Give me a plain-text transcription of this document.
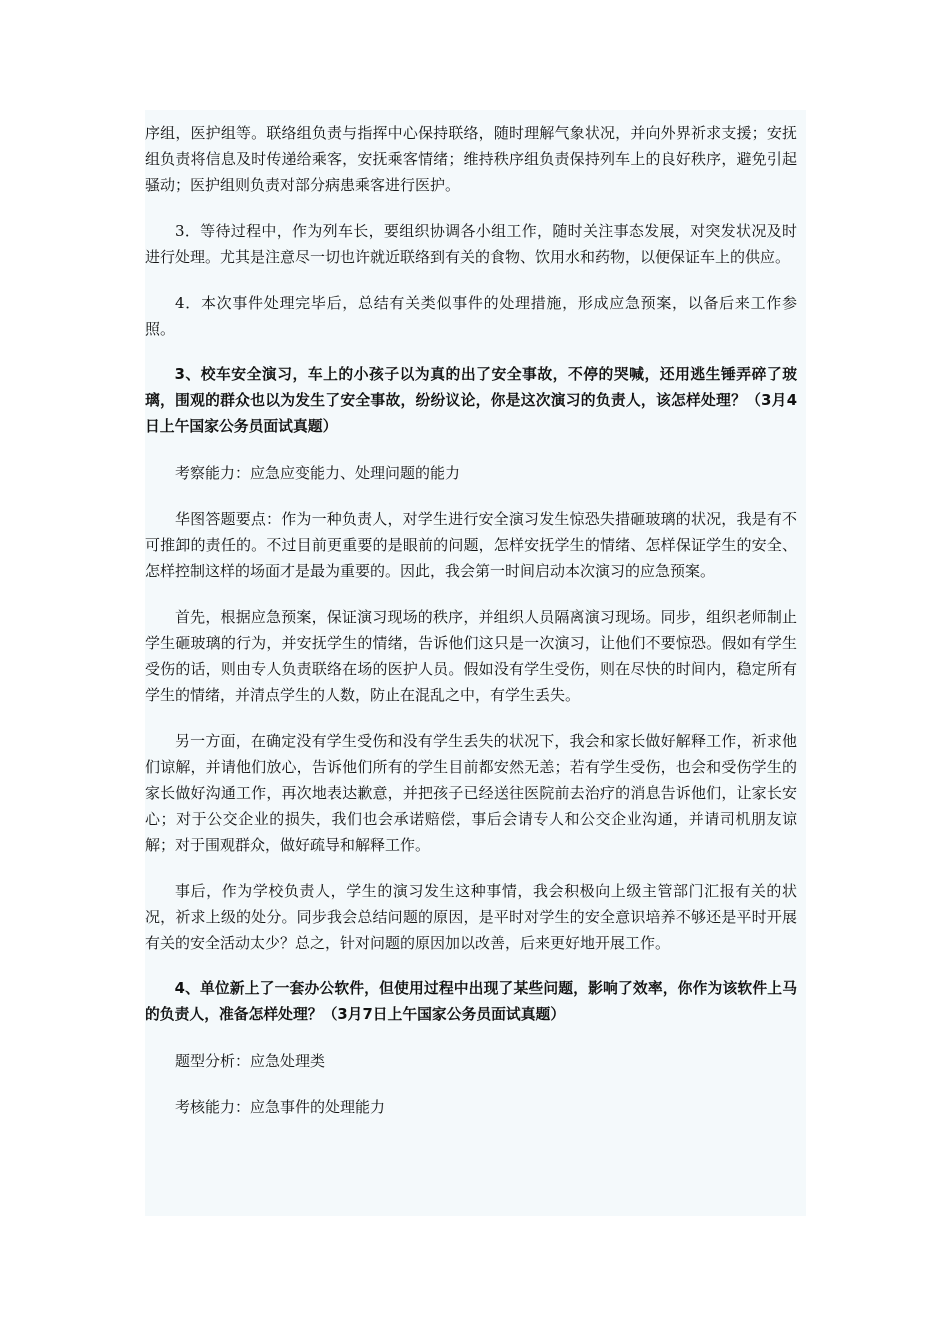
序组，医护组等。联络组负责与指挥中心保持联络，随时理解气象状况，并向外界祈求支援；安抚组负责将信息及时传递给乘客，安抚乘客情绪；维持秩序组负责保持列车上的良好秩序，避免引起骚动；医护组则负责对部分病患乘客进行医护。

3．等待过程中，作为列车长，要组织协调各小组工作，随时关注事态发展，对突发状况及时进行处理。尤其是注意尽一切也许就近联络到有关的食物、饮用水和药物，以便保证车上的供应。

4．本次事件处理完毕后，总结有关类似事件的处理措施，形成应急预案，以备后来工作参照。

3、校车安全演习，车上的小孩子以为真的出了安全事故，不停的哭喊，还用逃生锤弄碎了玻璃，围观的群众也以为发生了安全事故，纷纷议论，你是这次演习的负责人，该怎样处理？（3月4日上午国家公务员面试真题）

考察能力：应急应变能力、处理问题的能力

华图答题要点：作为一种负责人，对学生进行安全演习发生惊恐失措砸玻璃的状况，我是有不可推卸的责任的。不过目前更重要的是眼前的问题，怎样安抚学生的情绪、怎样保证学生的安全、怎样控制这样的场面才是最为重要的。因此，我会第一时间启动本次演习的应急预案。

首先，根据应急预案，保证演习现场的秩序，并组织人员隔离演习现场。同步，组织老师制止学生砸玻璃的行为，并安抚学生的情绪，告诉他们这只是一次演习，让他们不要惊恐。假如有学生受伤的话，则由专人负责联络在场的医护人员。假如没有学生受伤，则在尽快的时间内，稳定所有学生的情绪，并清点学生的人数，防止在混乱之中，有学生丢失。

另一方面，在确定没有学生受伤和没有学生丢失的状况下，我会和家长做好解释工作，祈求他们谅解，并请他们放心，告诉他们所有的学生目前都安然无恙；若有学生受伤，也会和受伤学生的家长做好沟通工作，再次地表达歉意，并把孩子已经送往医院前去治疗的消息告诉他们，让家长安心；对于公交企业的损失，我们也会承诺赔偿，事后会请专人和公交企业沟通，并请司机朋友谅解；对于围观群众，做好疏导和解释工作。

事后，作为学校负责人，学生的演习发生这种事情，我会积极向上级主管部门汇报有关的状况，祈求上级的处分。同步我会总结问题的原因，是平时对学生的安全意识培养不够还是平时开展有关的安全活动太少？总之，针对问题的原因加以改善，后来更好地开展工作。

4、单位新上了一套办公软件，但使用过程中出现了某些问题，影响了效率，你作为该软件上马的负责人，准备怎样处理？（3月7日上午国家公务员面试真题）

题型分析：应急处理类

考核能力：应急事件的处理能力
